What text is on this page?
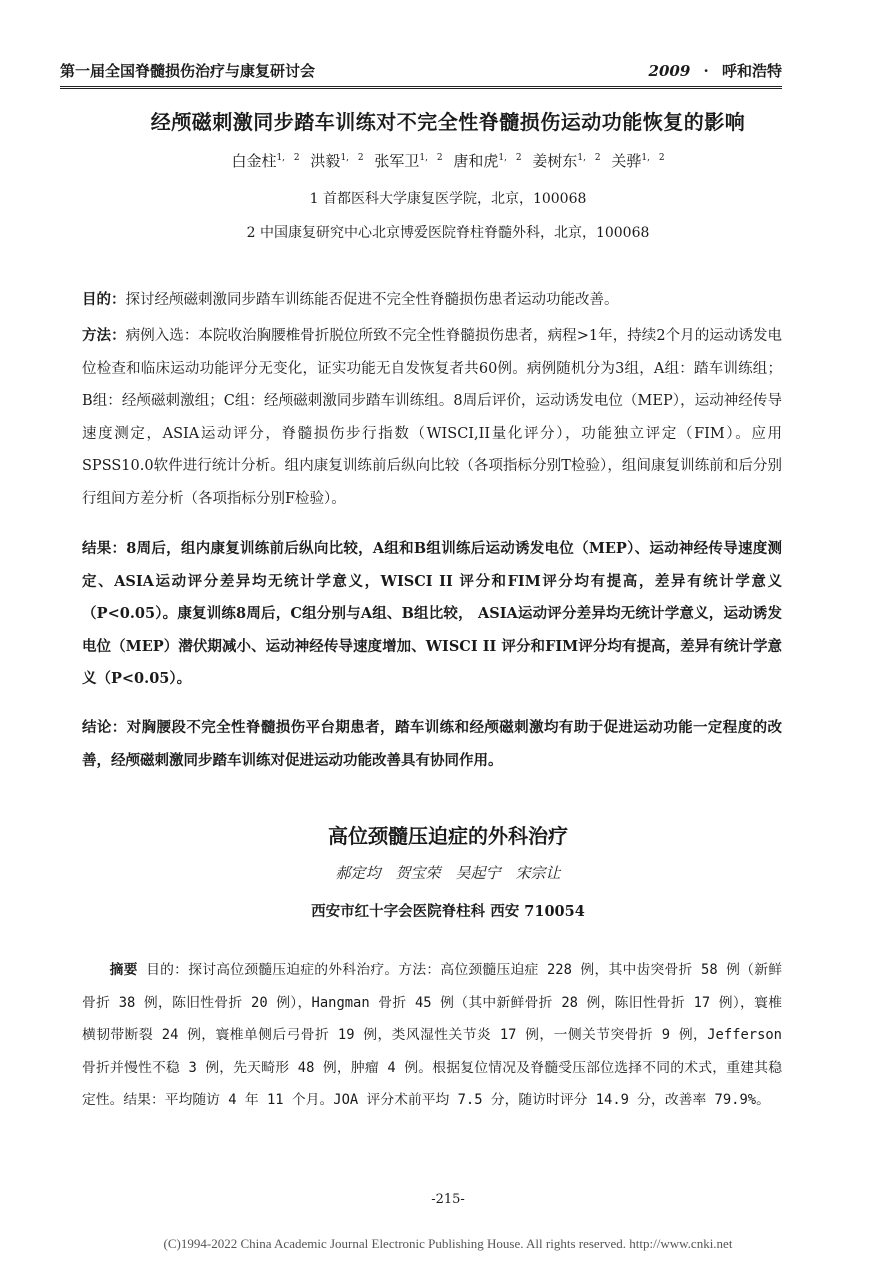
第一届全国脊髓损伤治疗与康复研讨会	2009 · 呼和浩特
经颅磁刺激同步踏车训练对不完全性脊髓损伤运动功能恢复的影响
白金柱$^{1, 2}$ 洪毅$^{1, 2}$ 张军卫$^{1, 2}$ 唐和虎$^{1, 2}$ 姜树东$^{1, 2}$ 关骅$^{1, 2}$
1 首都医科大学康复医学院，北京，100068
2 中国康复研究中心北京博爱医院脊柱脊髓外科，北京，100068
目的：探讨经颅磁刺激同步踏车训练能否促进不完全性脊髓损伤患者运动功能改善。
方法：病例入选：本院收治胸腰椎骨折脱位所致不完全性脊髓损伤患者，病程>1年，持续2个月的运动诱发电位检查和临床运动功能评分无变化，证实功能无自发恢复者共60例。病例随机分为3组，A组：踏车训练组；B组：经颅磁刺激组；C组：经颅磁刺激同步踏车训练组。8周后评价，运动诱发电位（MEP），运动神经传导速度测定，ASIA运动评分，脊髓损伤步行指数（WISCI,II量化评分），功能独立评定（FIM）。应用SPSS10.0软件进行统计分析。组内康复训练前后纵向比较（各项指标分别T检验），组间康复训练前和后分别行组间方差分析（各项指标分别F检验）。
结果：8周后，组内康复训练前后纵向比较，A组和B组训练后运动诱发电位（MEP）、运动神经传导速度测定、ASIA运动评分差异均无统计学意义，WISCI II 评分和FIM评分均有提高，差异有统计学意义（P<0.05）。康复训练8周后，C组分别与A组、B组比较， ASIA运动评分差异均无统计学意义，运动诱发电位（MEP）潜伏期减小、运动神经传导速度增加、WISCI II 评分和FIM评分均有提高，差异有统计学意义（P<0.05）。
结论：对胸腰段不完全性脊髓损伤平台期患者，踏车训练和经颅磁刺激均有助于促进运动功能一定程度的改善，经颅磁刺激同步踏车训练对促进运动功能改善具有协同作用。
高位颈髓压迫症的外科治疗
郝定均　贺宝荣　吴起宁　宋宗让
西安市红十字会医院脊柱科 西安 710054
摘要 目的：探讨高位颈髓压迫症的外科治疗。方法：高位颈髓压迫症 228 例，其中齿突骨折 58 例（新鲜骨折 38 例，陈旧性骨折 20 例），Hangman 骨折 45 例（其中新鲜骨折 28 例，陈旧性骨折 17 例），寰椎横韧带断裂 24 例，寰椎单侧后弓骨折 19 例，类风湿性关节炎 17 例，一侧关节突骨折 9 例，Jefferson 骨折并慢性不稳 3 例，先天畸形 48 例，肿瘤 4 例。根据复位情况及脊髓受压部位选择不同的术式，重建其稳定性。结果：平均随访 4 年 11 个月。JOA 评分术前平均 7.5 分，随访时评分 14.9 分，改善率 79.9%。
-215-
(C)1994-2022 China Academic Journal Electronic Publishing House. All rights reserved. http://www.cnki.net
